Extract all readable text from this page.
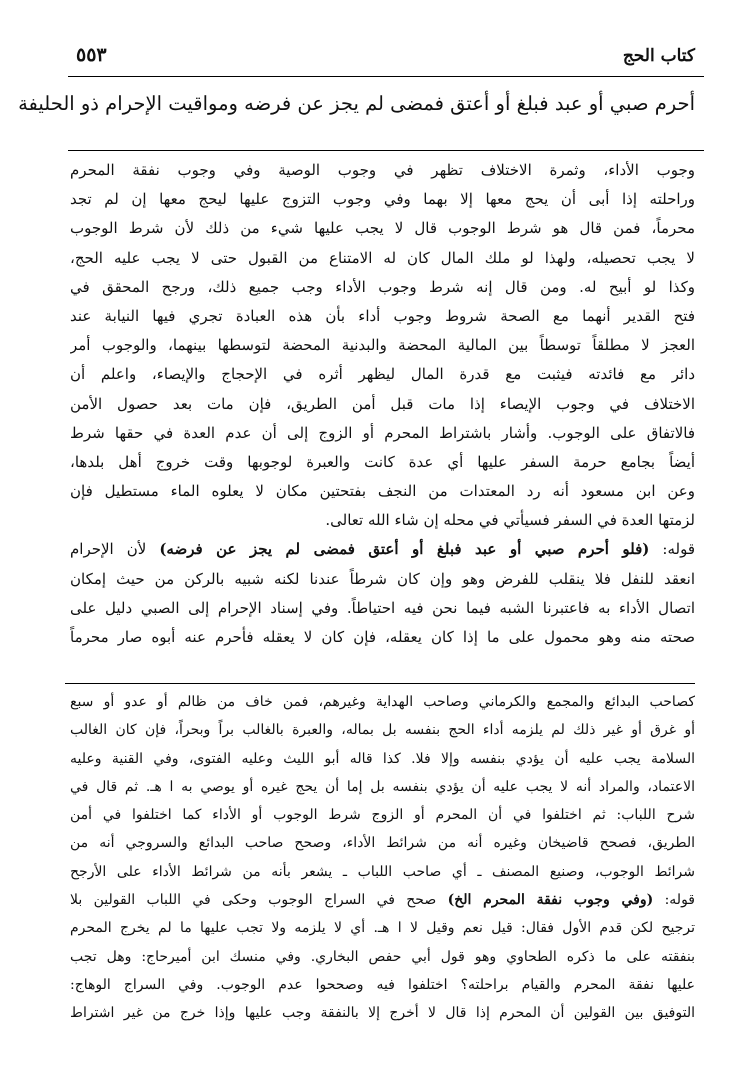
كتاب الحج
٥٥٣
أحرم صبي أو عبد فبلغ أو أعتق فمضى لم يجز عن فرضه ومواقيت الإحرام ذو الحليفة
وجوب الأداء، وثمرة الاختلاف تظهر في وجوب الوصية وفي وجوب نفقة المحرم
وراحلته إذا أبى أن يحج معها إلا بهما وفي وجوب التزوج عليها ليحج معها إن لم تجد
محرماً، فمن قال هو شرط الوجوب قال لا يجب عليها شيء من ذلك لأن شرط الوجوب
لا يجب تحصيله، ولهذا لو ملك المال كان له الامتناع من القبول حتى لا يجب عليه الحج،
وكذا لو أبيح له. ومن قال إنه شرط وجوب الأداء وجب جميع ذلك، ورجح المحقق في
فتح القدير أنهما مع الصحة شروط وجوب أداء بأن هذه العبادة تجري فيها النيابة عند
العجز لا مطلقاً توسطاً بين المالية المحضة والبدنية المحضة لتوسطها بينهما، والوجوب أمر
دائر مع فائدته فيثبت مع قدرة المال ليظهر أثره في الإحجاج والإيصاء، واعلم أن
الاختلاف في وجوب الإيصاء إذا مات قبل أمن الطريق، فإن مات بعد حصول الأمن
فالاتفاق على الوجوب. وأشار باشتراط المحرم أو الزوج إلى أن عدم العدة في حقها شرط
أيضاً بجامع حرمة السفر عليها أي عدة كانت والعبرة لوجوبها وقت خروج أهل بلدها،
وعن ابن مسعود أنه رد المعتدات من النجف بفتحتين مكان لا يعلوه الماء مستطيل فإن
لزمتها العدة في السفر فسيأتي في محله إن شاء الله تعالى.
قوله: (فلو أحرم صبي أو عبد فبلغ أو أعتق فمضى لم يجز عن فرضه) لأن الإحرام
انعقد للنفل فلا ينقلب للفرض وهو وإن كان شرطاً عندنا لكنه شبيه بالركن من حيث إمكان
اتصال الأداء به فاعتبرنا الشبه فيما نحن فيه احتياطاً. وفي إسناد الإحرام إلى الصبي دليل على
صحته منه وهو محمول على ما إذا كان يعقله، فإن كان لا يعقله فأحرم عنه أبوه صار محرماً
كصاحب البدائع والمجمع والكرماني وصاحب الهداية وغيرهم، فمن خاف من ظالم أو عدو أو سبع
أو غرق أو غير ذلك لم يلزمه أداء الحج بنفسه بل بماله، والعبرة بالغالب براً وبحراً، فإن كان الغالب
السلامة يجب عليه أن يؤدي بنفسه وإلا فلا. كذا قاله أبو الليث وعليه الفتوى، وفي القنية وعليه
الاعتماد، والمراد أنه لا يجب عليه أن يؤدي بنفسه بل إما أن يحج غيره أو يوصي به ا هـ. ثم قال في
شرح اللباب: ثم اختلفوا في أن المحرم أو الزوج شرط الوجوب أو الأداء كما اختلفوا في أمن
الطريق، فصحح قاضيخان وغيره أنه من شرائط الأداء، وصحح صاحب البدائع والسروجي أنه من
شرائط الوجوب، وصنيع المصنف ـ أي صاحب اللباب ـ يشعر بأنه من شرائط الأداء على الأرجح
قوله: (وفي وجوب نفقة المحرم الخ) صحح في السراج الوجوب وحكى في اللباب القولين بلا
ترجيح لكن قدم الأول فقال: قيل نعم وقيل لا ا هـ. أي لا يلزمه ولا تجب عليها ما لم يخرج المحرم
بنفقته على ما ذكره الطحاوي وهو قول أبي حفص البخاري. وفي منسك ابن أميرحاج: وهل تجب
عليها نفقة المحرم والقيام براحلته؟ اختلفوا فيه وصححوا عدم الوجوب. وفي السراج الوهاج:
التوفيق بين القولين أن المحرم إذا قال لا أخرج إلا بالنفقة وجب عليها وإذا خرج من غير اشتراط
